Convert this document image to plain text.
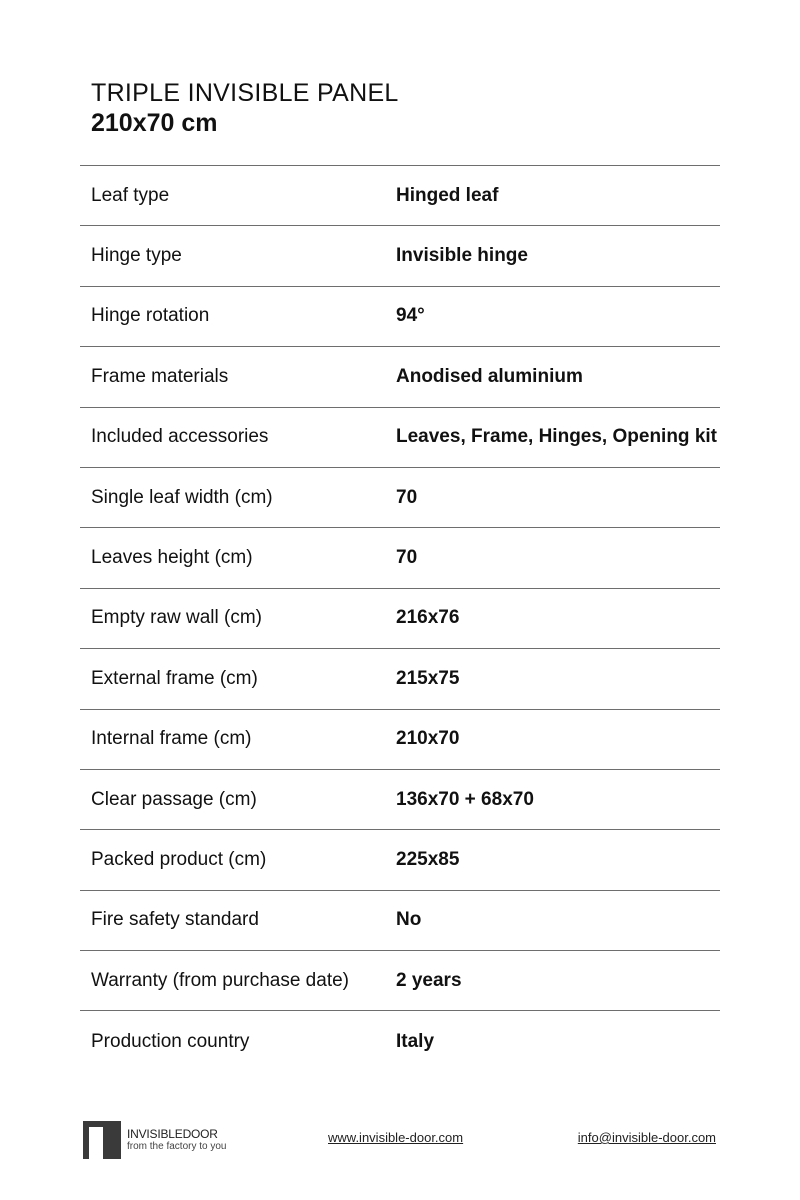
TRIPLE INVISIBLE PANEL
210x70 cm
Leaf type	Hinged leaf
Hinge type	Invisible hinge
Hinge rotation	94°
Frame materials	Anodised aluminium
Included accessories	Leaves, Frame, Hinges, Opening kit
Single leaf width (cm)	70
Leaves height (cm)	70
Empty raw wall (cm)	216x76
External frame (cm)	215x75
Internal frame (cm)	210x70
Clear passage (cm)	136x70 + 68x70
Packed product (cm)	225x85
Fire safety standard	No
Warranty (from purchase date) 2 years
Production country	Italy
INVISIBLEDOOR
from the factory to you
www.invisible-door.com	info@invisible-door.com
